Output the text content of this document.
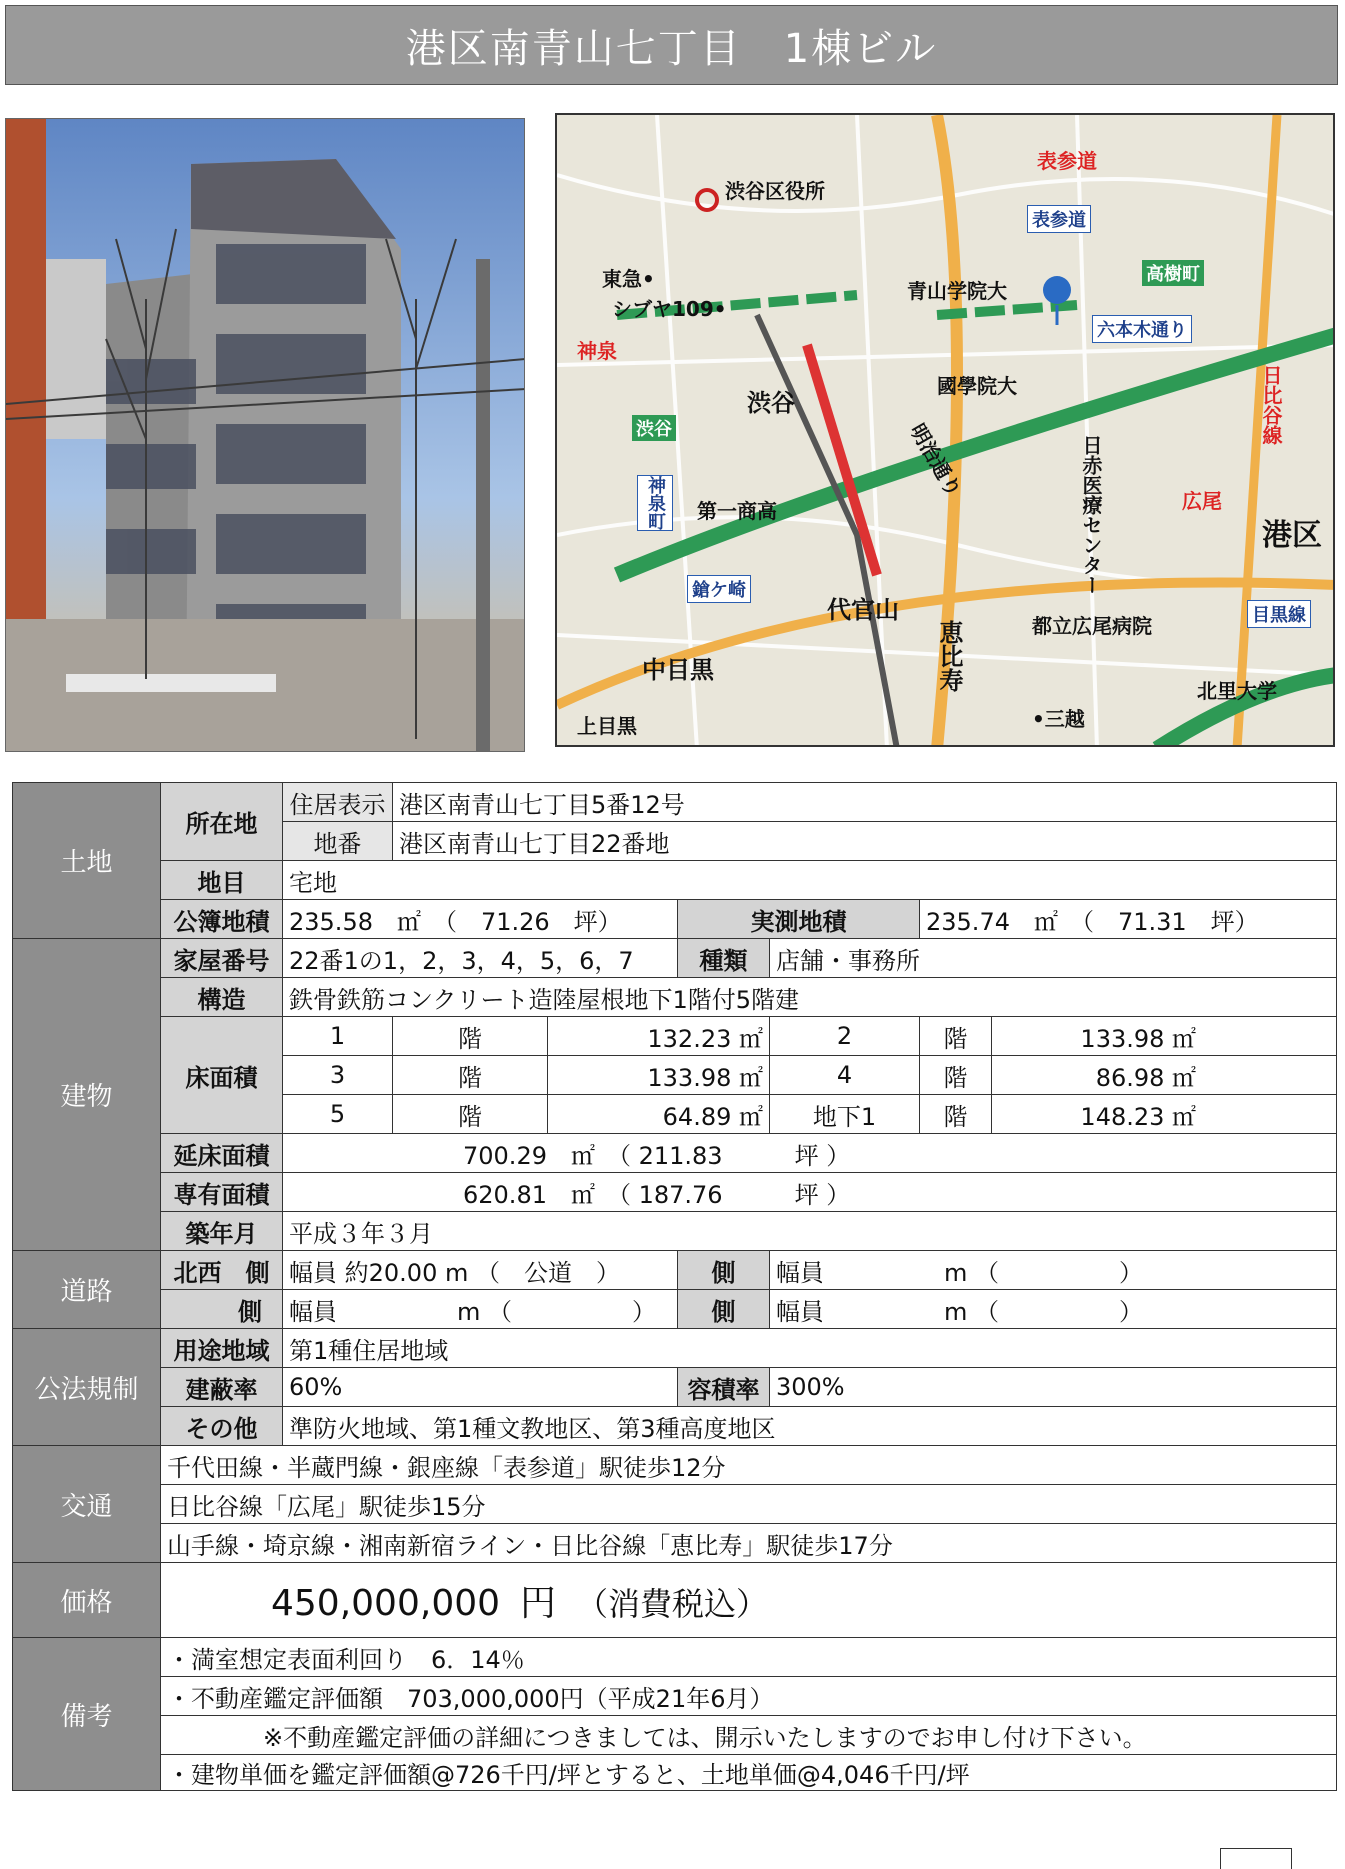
港区南青山七丁目　1棟ビル
渋谷区役所
表参道
表参道
東急•
シブヤ109•
青山学院大
高樹町
六本木通り
神泉
渋谷
渋谷
國學院大
明治通り
日比谷線
日赤医療センター	広尾
港区
神泉町	第一商高
鎗ケ崎
代官山
恵比寿	都立広尾病院	目黒線
中目黒
•三越
北里大学
上目黒
土地	所在地	住居表示	港区南青山七丁目5番12号					
		地番	港区南青山七丁目22番地					
	地目	宅地						
	公簿地積	235.58　㎡　（　71.26　坪）			実測地積		235.74　㎡　（　71.31　坪）	
建物	家屋番号	22番1の1，2，3，4，5，6，7			種類	店舗・事務所		
	構造	鉄骨鉄筋コンクリート造陸屋根地下1階付5階建						
	床面積	1	階	132.23 ㎡		2	階	133.98 ㎡
		3	階	133.98 ㎡		4	階	86.98 ㎡
		5	階	64.89 ㎡		地下1	階	148.23 ㎡
	延床面積	700.29　㎡　（ 211.83　　　坪 ）						
	専有面積	620.81　㎡　（ 187.76　　　坪 ）						
	築年月	平成３年３月						
道路	北西　側	幅員 約20.00 m （　公道　）			側	幅員　　　　　m （　　　　　）		
	側	幅員　　　　　m （　　　　　）			側	幅員　　　　　m （　　　　　）		
公法規制	用途地域	第1種住居地域						
	建蔽率	60%			容積率	300%		
	その他	準防火地域、第1種文教地区、第3種高度地区						
交通	千代田線・半蔵門線・銀座線「表参道」駅徒歩12分							
	日比谷線「広尾」駅徒歩15分							
	山手線・埼京線・湘南新宿ライン・日比谷線「恵比寿」駅徒歩17分							
価格	450,000,000 円 （消費税込）							
備考	・満室想定表面利回り　6．14％							
	・不動産鑑定評価額　703,000,000円（平成21年6月）							
	　　　　※不動産鑑定評価の詳細につきましては、開示いたしますのでお申し付け下さい。							
	・建物単価を鑑定評価額@726千円/坪とすると、土地単価@4,046千円/坪							
